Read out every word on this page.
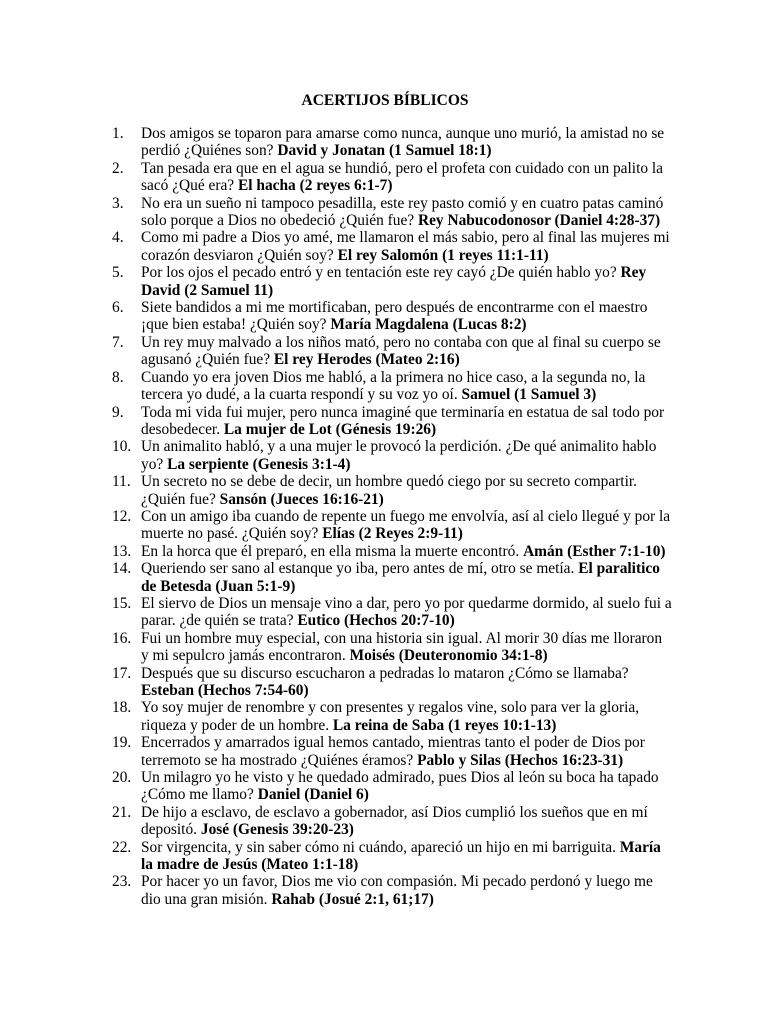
ACERTIJOS BÍBLICOS
1. Dos amigos se toparon para amarse como nunca, aunque uno murió, la amistad no se perdió ¿Quiénes son? David y Jonatan (1 Samuel 18:1)
2. Tan pesada era que en el agua se hundió, pero el profeta con cuidado con un palito la sacó ¿Qué era? El hacha (2 reyes 6:1-7)
3. No era un sueño ni tampoco pesadilla, este rey pasto comió y en cuatro patas caminó solo porque a Dios no obedeció ¿Quién fue? Rey Nabucodonosor (Daniel 4:28-37)
4. Como mi padre a Dios yo amé, me llamaron el más sabio, pero al final las mujeres mi corazón desviaron ¿Quién soy? El rey Salomón (1 reyes 11:1-11)
5. Por los ojos el pecado entró y en tentación este rey cayó ¿De quién hablo yo? Rey David (2 Samuel 11)
6. Siete bandidos a mi me mortificaban, pero después de encontrarme con el maestro ¡que bien estaba! ¿Quién soy? María Magdalena (Lucas 8:2)
7. Un rey muy malvado a los niños mató, pero no contaba con que al final su cuerpo se agusanó ¿Quién fue? El rey Herodes (Mateo 2:16)
8. Cuando yo era joven Dios me habló, a la primera no hice caso, a la segunda no, la tercera yo dudé, a la cuarta respondí y su voz yo oí. Samuel (1 Samuel 3)
9. Toda mi vida fui mujer, pero nunca imaginé que terminaría en estatua de sal todo por desobedecer. La mujer de Lot (Génesis 19:26)
10. Un animalito habló, y a una mujer le provocó la perdición. ¿De qué animalito hablo yo? La serpiente (Genesis 3:1-4)
11. Un secreto no se debe de decir, un hombre quedó ciego por su secreto compartir. ¿Quién fue? Sansón (Jueces 16:16-21)
12. Con un amigo iba cuando de repente un fuego me envolvía, así al cielo llegué y por la muerte no pasé. ¿Quién soy? Elías (2 Reyes 2:9-11)
13. En la horca que él preparó, en ella misma la muerte encontró. Amán (Esther 7:1-10)
14. Queriendo ser sano al estanque yo iba, pero antes de mí, otro se metía. El paralitico de Betesda (Juan 5:1-9)
15. El siervo de Dios un mensaje vino a dar, pero yo por quedarme dormido, al suelo fui a parar. ¿de quién se trata? Eutico (Hechos 20:7-10)
16. Fui un hombre muy especial, con una historia sin igual. Al morir 30 días me lloraron y mi sepulcro jamás encontraron. Moisés (Deuteronomio 34:1-8)
17. Después que su discurso escucharon a pedradas lo mataron ¿Cómo se llamaba? Esteban (Hechos 7:54-60)
18. Yo soy mujer de renombre y con presentes y regalos vine, solo para ver la gloria, riqueza y poder de un hombre. La reina de Saba (1 reyes 10:1-13)
19. Encerrados y amarrados igual hemos cantado, mientras tanto el poder de Dios por terremoto se ha mostrado ¿Quiénes éramos? Pablo y Silas (Hechos 16:23-31)
20. Un milagro yo he visto y he quedado admirado, pues Dios al león su boca ha tapado ¿Cómo me llamo? Daniel (Daniel 6)
21. De hijo a esclavo, de esclavo a gobernador, así Dios cumplió los sueños que en mí depositó. José (Genesis 39:20-23)
22. Sor virgencita, y sin saber cómo ni cuándo, apareció un hijo en mi barriguita. María la madre de Jesús (Mateo 1:1-18)
23. Por hacer yo un favor, Dios me vio con compasión. Mi pecado perdonó y luego me dio una gran misión. Rahab (Josué 2:1, 61;17)
